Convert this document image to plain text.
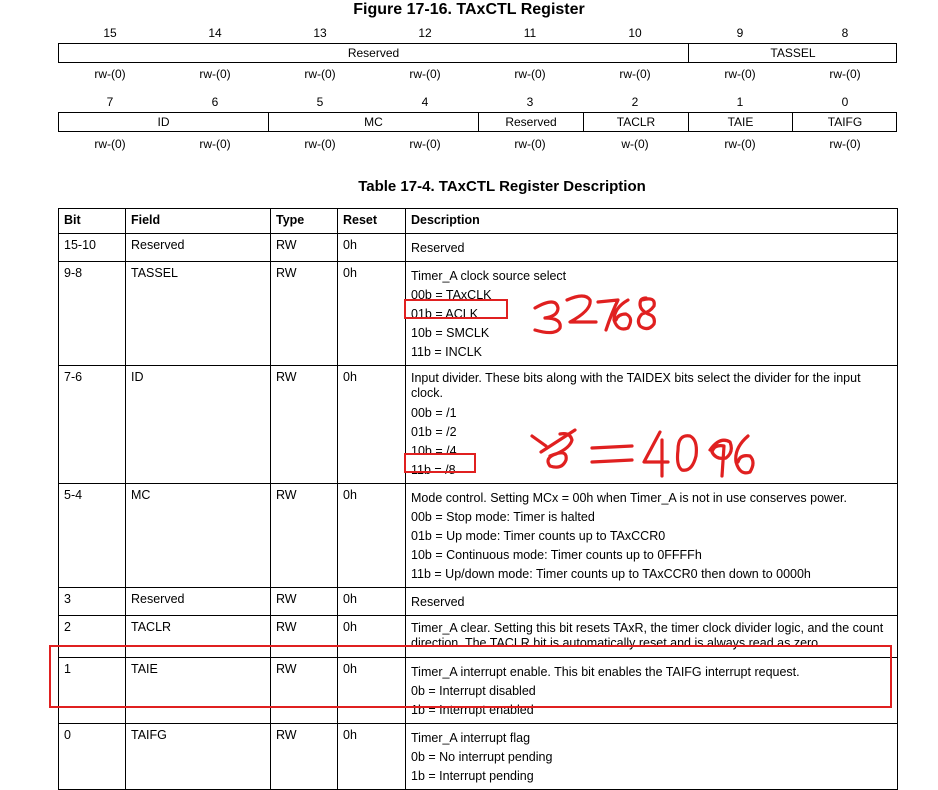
Figure 17-16. TAxCTL Register
15	14	13	12	11	10	9	8
Reserved	TASSEL
rw-(0)	rw-(0)	rw-(0)	rw-(0)	rw-(0)	rw-(0)	rw-(0)	rw-(0)
7	6	5	4	3	2	1	0
ID	MC	Reserved	TACLR	TAIE	TAIFG
rw-(0)	rw-(0)	rw-(0)	rw-(0)	rw-(0)	w-(0)	rw-(0)	rw-(0)
Table 17-4. TAxCTL Register Description
Bit	Field	Type	Reset	Description
15-10	Reserved	RW	0h	Reserved

9-8	TASSEL	RW	0h	Timer_A clock source select
00b = TAxCLK
01b = ACLK
10b = SMCLK
11b = INCLK

7-6	ID	RW	0h	Input divider. These bits along with the TAIDEX bits select the divider for the input clock.
00b = /1
01b = /2
10b = /4
11b = /8

5-4	MC	RW	0h	Mode control. Setting MCx = 00h when Timer_A is not in use conserves power.
00b = Stop mode: Timer is halted
01b = Up mode: Timer counts up to TAxCCR0
10b = Continuous mode: Timer counts up to 0FFFFh
11b = Up/down mode: Timer counts up to TAxCCR0 then down to 0000h

3	Reserved	RW	0h	Reserved

2	TACLR	RW	0h	Timer_A clear. Setting this bit resets TAxR, the timer clock divider logic, and the count direction. The TACLR bit is automatically reset and is always read as zero.

1	TAIE	RW	0h	Timer_A interrupt enable. This bit enables the TAIFG interrupt request.
0b = Interrupt disabled
1b = Interrupt enabled

0	TAIFG	RW	0h	Timer_A interrupt flag
0b = No interrupt pending
1b = Interrupt pending
